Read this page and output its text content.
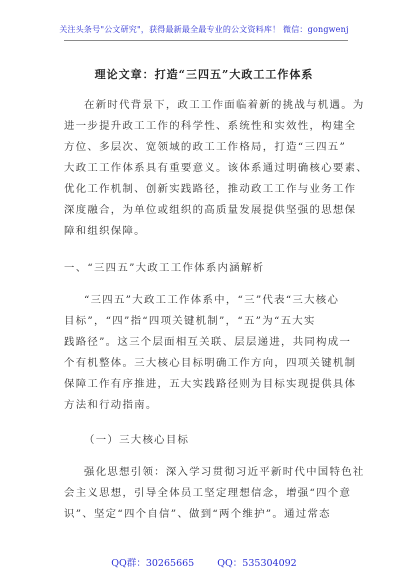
关注头条号"公文研究"，获得最新最全最专业的公文资料库！ 微信：gongwenj
理论文章：打造“三四五”大政工工作体系
在新时代背景下，政工工作面临着新的挑战与机遇。为
进一步提升政工工作的科学性、系统性和实效性，构建全
方位、多层次、宽领域的政工工作格局，打造“三四五”
大政工工作体系具有重要意义。该体系通过明确核心要素、
优化工作机制、创新实践路径，推动政工工作与业务工作
深度融合，为单位或组织的高质量发展提供坚强的思想保
障和组织保障。
一、“三四五”大政工工作体系内涵解析
“三四五”大政工工作体系中，“三”代表“三大核心
目标”，“四”指“四项关键机制”，“五”为“五大实
践路径”。这三个层面相互关联、层层递进，共同构成一
个有机整体。三大核心目标明确工作方向，四项关键机制
保障工作有序推进，五大实践路径则为目标实现提供具体
方法和行动指南。
（一）三大核心目标
强化思想引领：深入学习贯彻习近平新时代中国特色社
会主义思想，引导全体员工坚定理想信念，增强“四个意
识”、坚定“四个自信”、做到“两个维护”。通过常态
QQ群：30265665 QQ：535304092
